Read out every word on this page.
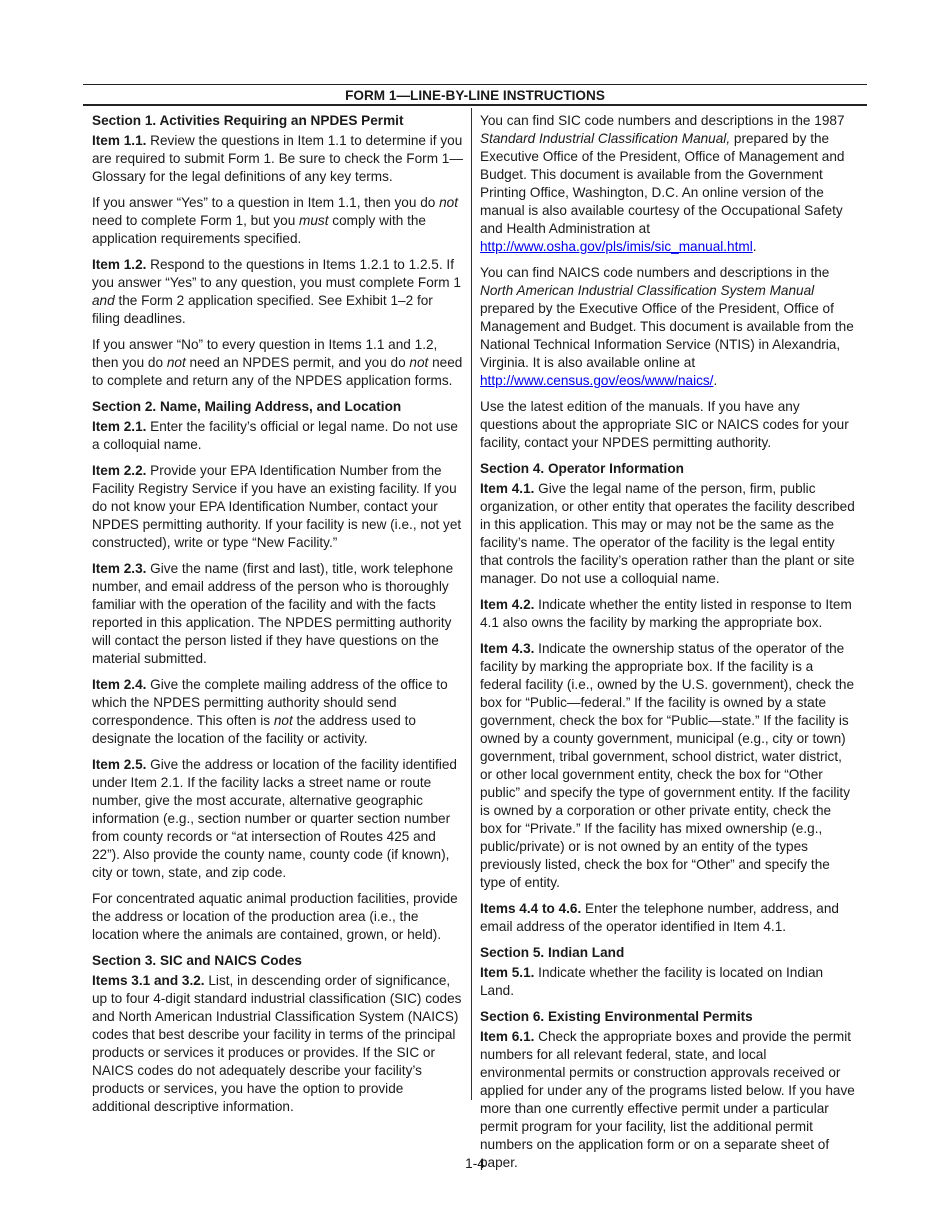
FORM 1—LINE-BY-LINE INSTRUCTIONS
Section 1. Activities Requiring an NPDES Permit

Item 1.1. Review the questions in Item 1.1 to determine if you are required to submit Form 1. Be sure to check the Form 1—Glossary for the legal definitions of any key terms.

If you answer “Yes” to a question in Item 1.1, then you do not need to complete Form 1, but you must comply with the application requirements specified.

Item 1.2. Respond to the questions in Items 1.2.1 to 1.2.5. If you answer “Yes” to any question, you must complete Form 1 and the Form 2 application specified. See Exhibit 1–2 for filing deadlines.

If you answer “No” to every question in Items 1.1 and 1.2, then you do not need an NPDES permit, and you do not need to complete and return any of the NPDES application forms.

Section 2. Name, Mailing Address, and Location

Item 2.1. Enter the facility’s official or legal name. Do not use a colloquial name.

Item 2.2. Provide your EPA Identification Number from the Facility Registry Service if you have an existing facility. If you do not know your EPA Identification Number, contact your NPDES permitting authority. If your facility is new (i.e., not yet constructed), write or type “New Facility.”

Item 2.3. Give the name (first and last), title, work telephone number, and email address of the person who is thoroughly familiar with the operation of the facility and with the facts reported in this application. The NPDES permitting authority will contact the person listed if they have questions on the material submitted.

Item 2.4. Give the complete mailing address of the office to which the NPDES permitting authority should send correspondence. This often is not the address used to designate the location of the facility or activity.

Item 2.5. Give the address or location of the facility identified under Item 2.1. If the facility lacks a street name or route number, give the most accurate, alternative geographic information (e.g., section number or quarter section number from county records or “at intersection of Routes 425 and 22”). Also provide the county name, county code (if known), city or town, state, and zip code.

For concentrated aquatic animal production facilities, provide the address or location of the production area (i.e., the location where the animals are contained, grown, or held).

Section 3. SIC and NAICS Codes

Items 3.1 and 3.2. List, in descending order of significance, up to four 4-digit standard industrial classification (SIC) codes and North American Industrial Classification System (NAICS) codes that best describe your facility in terms of the principal products or services it produces or provides. If the SIC or NAICS codes do not adequately describe your facility’s products or services, you have the option to provide additional descriptive information.

You can find SIC code numbers and descriptions in the 1987 Standard Industrial Classification Manual, prepared by the Executive Office of the President, Office of Management and Budget. This document is available from the Government Printing Office, Washington, D.C. An online version of the manual is also available courtesy of the Occupational Safety and Health Administration at http://www.osha.gov/pls/imis/sic_manual.html.

You can find NAICS code numbers and descriptions in the North American Industrial Classification System Manual prepared by the Executive Office of the President, Office of Management and Budget. This document is available from the National Technical Information Service (NTIS) in Alexandria, Virginia. It is also available online at http://www.census.gov/eos/www/naics/.

Use the latest edition of the manuals. If you have any questions about the appropriate SIC or NAICS codes for your facility, contact your NPDES permitting authority.

Section 4. Operator Information

Item 4.1. Give the legal name of the person, firm, public organization, or other entity that operates the facility described in this application. This may or may not be the same as the facility’s name. The operator of the facility is the legal entity that controls the facility’s operation rather than the plant or site manager. Do not use a colloquial name.

Item 4.2. Indicate whether the entity listed in response to Item 4.1 also owns the facility by marking the appropriate box.

Item 4.3. Indicate the ownership status of the operator of the facility by marking the appropriate box. If the facility is a federal facility (i.e., owned by the U.S. government), check the box for “Public—federal.” If the facility is owned by a state government, check the box for “Public—state.” If the facility is owned by a county government, municipal (e.g., city or town) government, tribal government, school district, water district, or other local government entity, check the box for “Other public” and specify the type of government entity. If the facility is owned by a corporation or other private entity, check the box for “Private.” If the facility has mixed ownership (e.g., public/private) or is not owned by an entity of the types previously listed, check the box for “Other” and specify the type of entity.

Items 4.4 to 4.6. Enter the telephone number, address, and email address of the operator identified in Item 4.1.

Section 5. Indian Land

Item 5.1. Indicate whether the facility is located on Indian Land.

Section 6. Existing Environmental Permits

Item 6.1. Check the appropriate boxes and provide the permit numbers for all relevant federal, state, and local environmental permits or construction approvals received or applied for under any of the programs listed below. If you have more than one currently effective permit under a particular permit program for your facility, list the additional permit numbers on the application form or on a separate sheet of paper.

1-4
